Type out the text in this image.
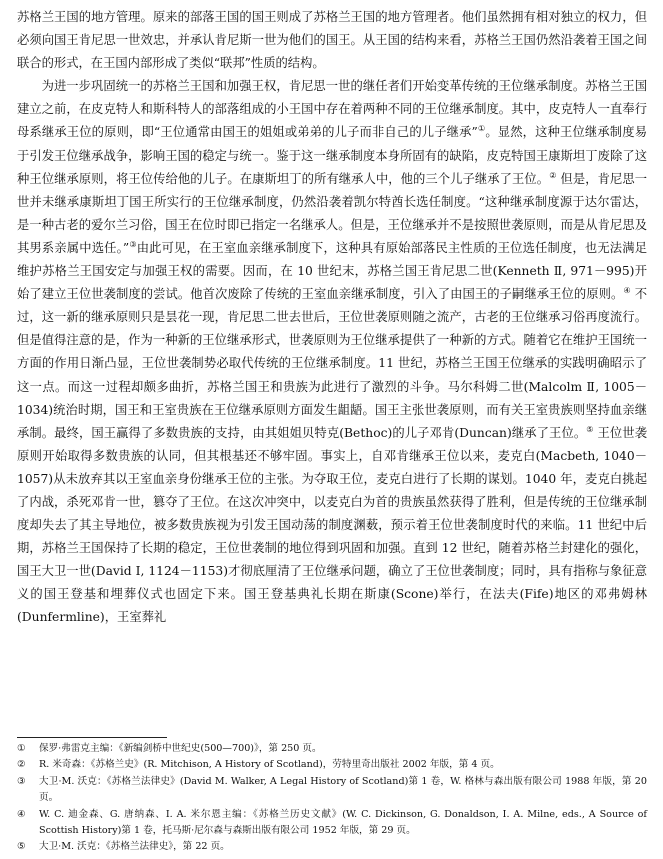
苏格兰王国的地方管理。原来的部落王国的国王则成了苏格兰王国的地方管理者。他们虽然拥有相对独立的权力，但必须向国王肯尼思一世效忠，并承认肯尼斯一世为他们的国王。从王国的结构来看，苏格兰王国仍然沿袭着王国之间联合的形式，在王国内部形成了类似“联邦”性质的结构。

为进一步巩固统一的苏格兰王国和加强王权，肯尼思一世的继任者们开始变革传统的王位继承制度。苏格兰王国建立之前，在皮克特人和斯科特人的部落组成的小王国中存在着两种不同的王位继承制度。其中，皮克特人一直奉行母系继承王位的原则，即“王位通常由国王的姐姐或弟弟的儿子而非自己的儿子继承”①。显然，这种王位继承制度易于引发王位继承战争，影响王国的稳定与统一。鉴于这一继承制度本身所固有的缺陷，皮克特国王康斯坦丁废除了这种王位继承原则，将王位传给他的儿子。在康斯坦丁的所有继承人中，他的三个儿子继承了王位。② 但是，肯尼思一世并未继承康斯坦丁国王所实行的王位继承制度，仍然沿袭着凯尔特酋长选任制度。“这种继承制度源于达尔雷达，是一种古老的爱尔兰习俗，国王在位时即已指定一名继承人。但是，王位继承并不是按照世袭原则，而是从肯尼思及其男系亲属中选任。”③由此可见，在王室血亲继承制度下，这种具有原始部落民主性质的王位选任制度，也无法满足维护苏格兰王国安定与加强王权的需要。因而，在 10 世纪末，苏格兰国王肯尼思二世(Kenneth Ⅱ, 971－995)开始了建立王位世袭制度的尝试。他首次废除了传统的王室血亲继承制度，引入了由国王的子嗣继承王位的原则。④ 不过，这一新的继承原则只是昙花一现，肯尼思二世去世后，王位世袭原则随之流产，古老的王位继承习俗再度流行。但是值得注意的是，作为一种新的王位继承形式，世袭原则为王位继承提供了一种新的方式。随着它在维护王国统一方面的作用日渐凸显，王位世袭制势必取代传统的王位继承制度。11 世纪，苏格兰王国王位继承的实践明确昭示了这一点。而这一过程却颇多曲折，苏格兰国王和贵族为此进行了激烈的斗争。马尔科姆二世(Malcolm Ⅱ, 1005－1034)统治时期，国王和王室贵族在王位继承原则方面发生龃龉。国王主张世袭原则，而有关王室贵族则坚持血亲继承制。最终，国王赢得了多数贵族的支持，由其姐姐贝特克(Bethoc)的儿子邓肯(Duncan)继承了王位。⑤ 王位世袭原则开始取得多数贵族的认同，但其根基还不够牢固。事实上，自邓肯继承王位以来，麦克白(Macbeth, 1040－1057)从未放弃其以王室血亲身份继承王位的主张。为夺取王位，麦克白进行了长期的谋划。1040 年，麦克白挑起了内战，杀死邓肯一世，篡夺了王位。在这次冲突中，以麦克白为首的贵族虽然获得了胜利，但是传统的王位继承制度却失去了其主导地位，被多数贵族视为引发王国动荡的制度渊薮，预示着王位世袭制度时代的来临。11 世纪中后期，苏格兰王国保持了长期的稳定，王位世袭制的地位得到巩固和加强。直到 12 世纪，随着苏格兰封建化的强化，国王大卫一世(David Ⅰ, 1124－1153)才彻底厘清了王位继承问题，确立了王位世袭制度；同时，具有指称与象征意义的国王登基和埋葬仪式也固定下来。国王登基典礼长期在斯康(Scone)举行，在法夫(Fife)地区的邓弗姆林(Dunfermline)，王室葬礼

①	保罗·弗雷克主编：《新编剑桥中世纪史(500—700)》，第 250 页。
②	R. 米奇森：《苏格兰史》(R. Mitchison, A History of Scotland)，劳特里奇出版社 2002 年版，第 4 页。
③	大卫·M. 沃克：《苏格兰法律史》(David M. Walker, A Legal History of Scotland)第 1 卷，W. 格林与森出版有限公司 1988 年版，第 20 页。
④	W. C. 迪金森、G. 唐纳森、I. A. 米尔恩主编：《苏格兰历史文献》(W. C. Dickinson, G. Donaldson, I. A. Milne, eds., A Source of Scottish History)第 1 卷，托马斯·尼尔森与森斯出版有限公司 1952 年版，第 29 页。
⑤	大卫·M. 沃克：《苏格兰法律史》，第 22 页。
